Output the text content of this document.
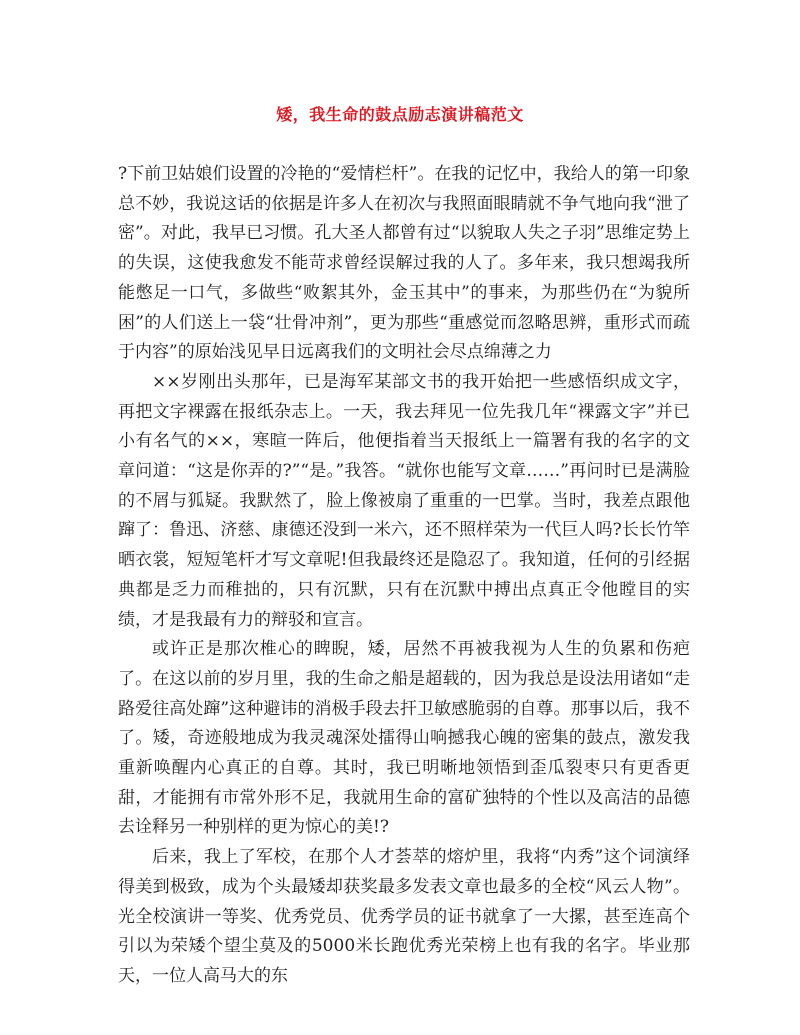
矮，我生命的鼓点励志演讲稿范文

?下前卫姑娘们设置的冷艳的“爱情栏杆”。在我的记忆中，我给人的第一印象总不妙，我说这话的依据是许多人在初次与我照面眼睛就不争气地向我“泄了密”。对此，我早已习惯。孔大圣人都曾有过“以貌取人失之子羽”思维定势上的失误，这使我愈发不能苛求曾经误解过我的人了。多年来，我只想竭我所能憋足一口气，多做些“败絮其外，金玉其中”的事来，为那些仍在“为貌所困”的人们送上一袋“壮骨冲剂”，更为那些“重感觉而忽略思辨，重形式而疏于内容”的原始浅见早日远离我们的文明社会尽点绵薄之力

××岁刚出头那年，已是海军某部文书的我开始把一些感悟织成文字，再把文字裸露在报纸杂志上。一天，我去拜见一位先我几年“裸露文字”并已小有名气的××，寒暄一阵后，他便指着当天报纸上一篇署有我的名字的文章问道：“这是你弄的?”“是。”我答。“就你也能写文章……”再问时已是满脸的不屑与狐疑。我默然了，脸上像被扇了重重的一巴掌。当时，我差点跟他蹿了：鲁迅、济慈、康德还没到一米六，还不照样荣为一代巨人吗?长长竹竿晒衣裳，短短笔杆才写文章呢!但我最终还是隐忍了。我知道，任何的引经据典都是乏力而稚拙的，只有沉默，只有在沉默中搏出点真正令他瞠目的实绩，才是我最有力的辩驳和宣言。

或许正是那次椎心的睥睨，矮，居然不再被我视为人生的负累和伤疤了。在这以前的岁月里，我的生命之船是超载的，因为我总是设法用诸如“走路爱往高处蹿”这种避讳的消极手段去扞卫敏感脆弱的自尊。那事以后，我不了。矮，奇迹般地成为我灵魂深处擂得山响撼我心魄的密集的鼓点，激发我重新唤醒内心真正的自尊。其时，我已明晰地领悟到歪瓜裂枣只有更香更甜，才能拥有市常外形不足，我就用生命的富矿独特的个性以及高洁的品德去诠释另一种别样的更为惊心的美!?

后来，我上了军校，在那个人才荟萃的熔炉里，我将“内秀”这个词演绎得美到极致，成为个头最矮却获奖最多发表文章也最多的全校“风云人物”。光全校演讲一等奖、优秀党员、优秀学员的证书就拿了一大摞，甚至连高个引以为荣矮个望尘莫及的5000米长跑优秀光荣榜上也有我的名字。毕业那天，一位人高马大的东
